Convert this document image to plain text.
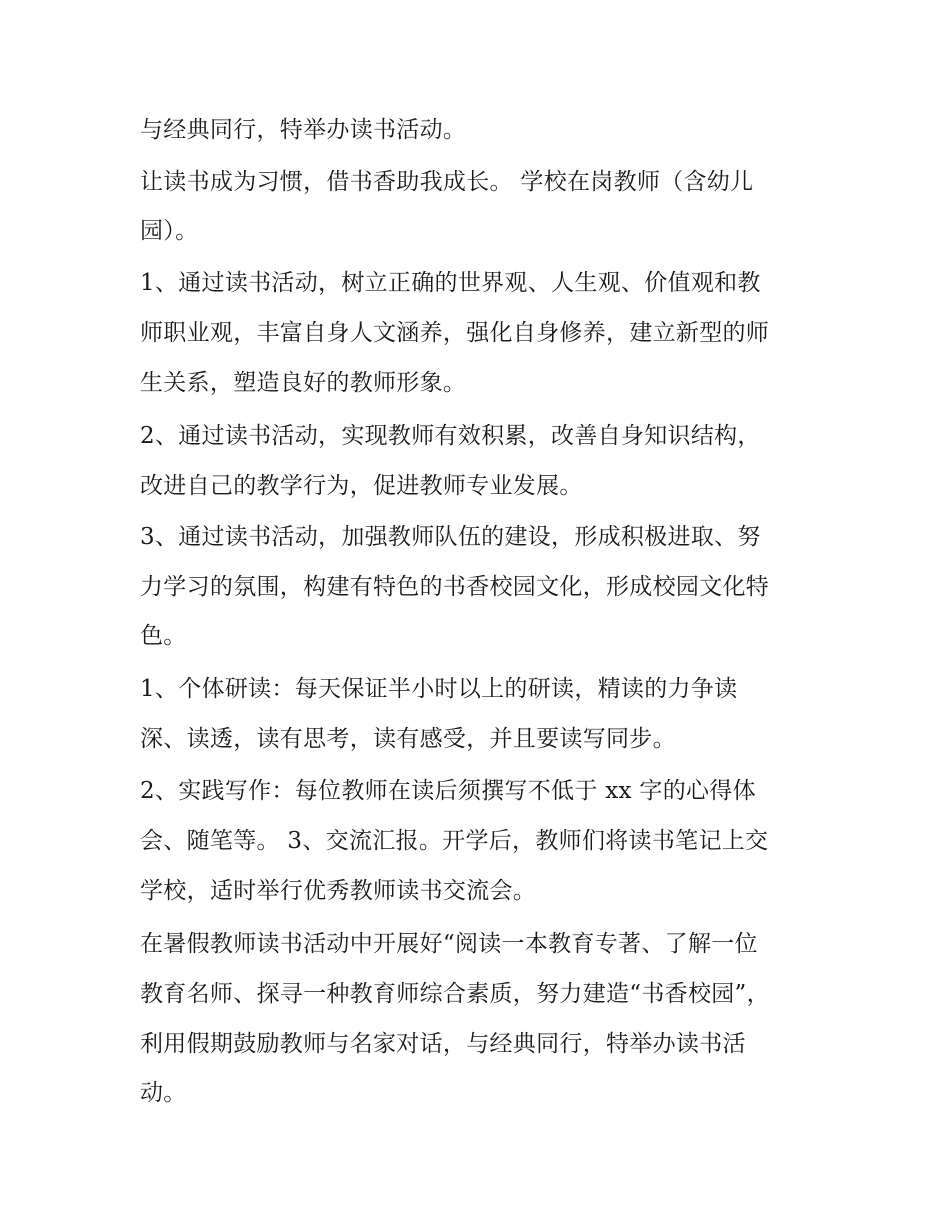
与经典同行，特举办读书活动。
让读书成为习惯，借书香助我成长。 学校在岗教师（含幼儿
园）。
1、通过读书活动，树立正确的世界观、人生观、价值观和教
师职业观，丰富自身人文涵养，强化自身修养，建立新型的师
生关系，塑造良好的教师形象。
2、通过读书活动，实现教师有效积累，改善自身知识结构，
改进自己的教学行为，促进教师专业发展。
3、通过读书活动，加强教师队伍的建设，形成积极进取、努
力学习的氛围，构建有特色的书香校园文化，形成校园文化特
色。
1、个体研读：每天保证半小时以上的研读，精读的力争读
深、读透，读有思考，读有感受，并且要读写同步。
2、实践写作：每位教师在读后须撰写不低于 xx 字的心得体
会、随笔等。 3、交流汇报。开学后，教师们将读书笔记上交
学校，适时举行优秀教师读书交流会。
在暑假教师读书活动中开展好“阅读一本教育专著、了解一位
教育名师、探寻一种教育师综合素质，努力建造“书香校园”，
利用假期鼓励教师与名家对话，与经典同行，特举办读书活
动。
